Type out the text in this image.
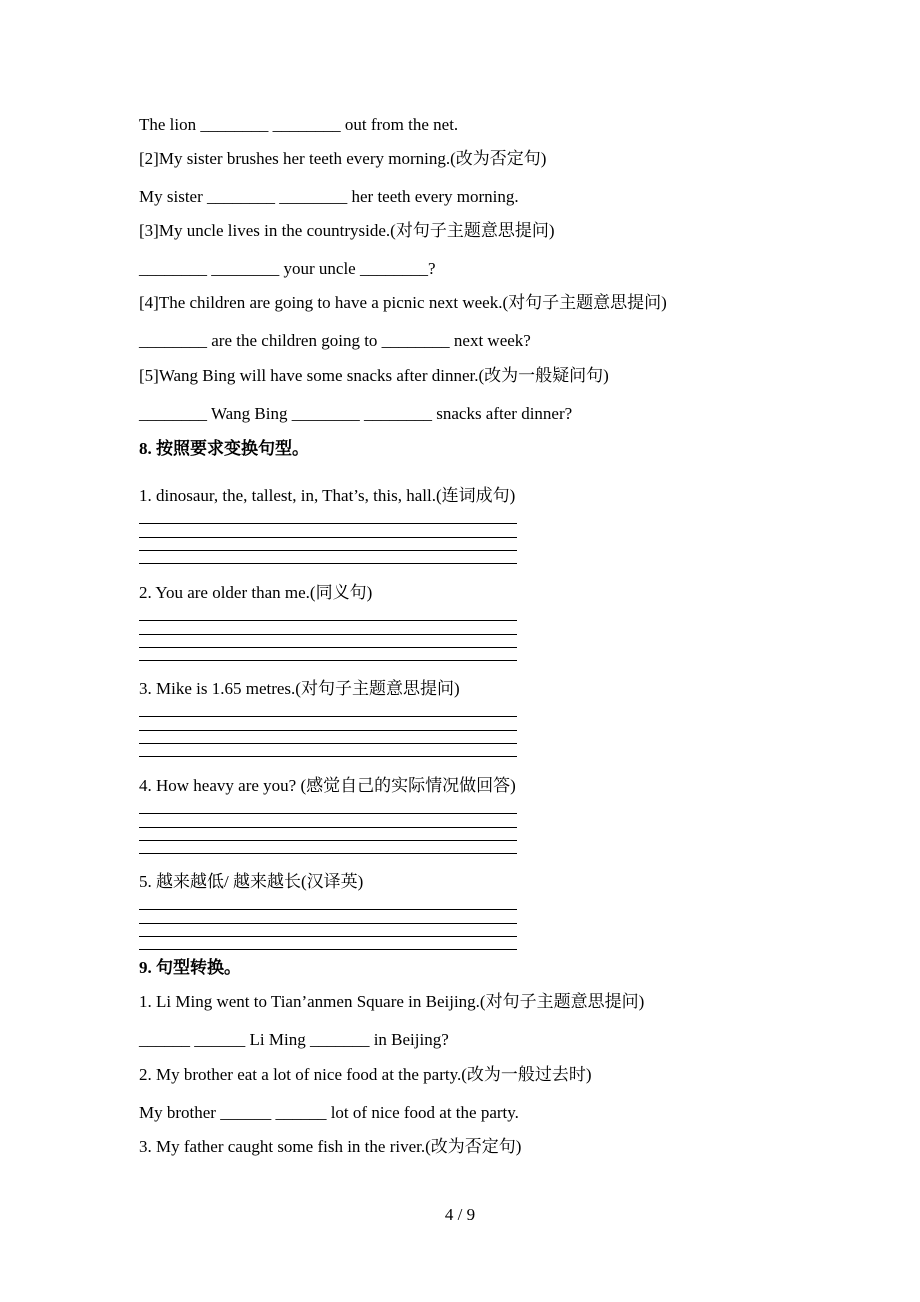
The lion ________ ________ out from the net.
[2]My sister brushes her teeth every morning.(改为否定句)
My sister ________ ________ her teeth every morning.
[3]My uncle lives in the countryside.(对句子主题意思提问)
________ ________ your uncle ________?
[4]The children are going to have a picnic next week.(对句子主题意思提问)
________ are the children going to ________ next week?
[5]Wang Bing will have some snacks after dinner.(改为一般疑问句)
________ Wang Bing ________ ________ snacks after dinner?
8. 按照要求变换句型。
1. dinosaur, the, tallest, in, That’s, this, hall.(连词成句)
2. You are older than me.(同义句)
3. Mike is 1.65 metres.(对句子主题意思提问)
4. How heavy are you? (感觉自己的实际情况做回答)
5. 越来越低/ 越来越长(汉译英)
9. 句型转换。
1. Li Ming went to Tian’anmen Square in Beijing.(对句子主题意思提问)
______ ______ Li Ming _______ in Beijing?
2. My brother eat a lot of nice food at the party.(改为一般过去时)
My brother ______ ______ lot of nice food at the party.
3. My father caught some fish in the river.(改为否定句)
4 / 9
